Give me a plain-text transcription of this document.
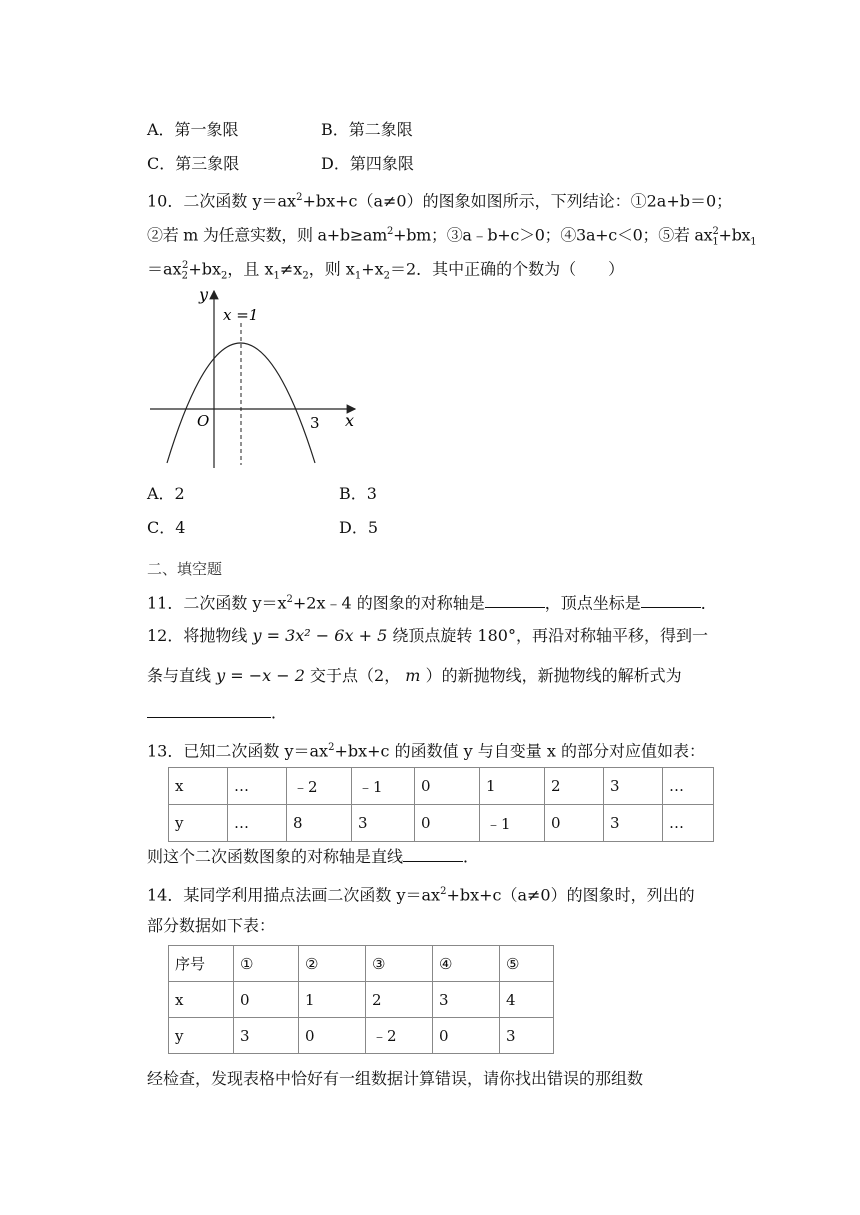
A．第一象限	B．第二象限
C．第三象限	D．第四象限
10．二次函数 $y=ax^2+bx+c(a\ne 0)$的图象如图所示，下列结论：①2a+b＝0；
②若 m 为任意实数，则 $a+b\ge am^2+bm$；③a﹣b+c＞0；④3a+c＜0；⑤若 $ax_1^2+bx_1$
$=ax_2^2+bx_2$，且 $x_1\ne x_2$，则 $x_1+x_2=2$．其中正确的个数为（　　）
y
x
O
x =1
3
A．2	B．3
C．4	D．5
二、填空题
11．二次函数 $y=x^2+2x﹣4$ 的图象的对称轴是	，顶点坐标是	．
12．将抛物线 y = 3x² − 6x + 5 绕顶点旋转 180°，再沿对称轴平移，得到一
条与直线 y = −x − 2 交于点（2， m ）的新抛物线，新抛物线的解析式为
．
13．已知二次函数 $y=ax^2+bx+c$ 的函数值 y 与自变量 x 的部分对应值如表：
x	…	﹣2	﹣1	0	1	2	3	…
y	…	8	3	0	﹣1	0	3	…
则这个二次函数图象的对称轴是直线	．
14．某同学利用描点法画二次函数 $y=ax^2+bx+c(a\ne 0)$的图象时，列出的
部分数据如下表：
序号	①	②	③	④	⑤
x	0	1	2	3	4
y	3	0	﹣2	0	3
经检查，发现表格中恰好有一组数据计算错误，请你找出错误的那组数
